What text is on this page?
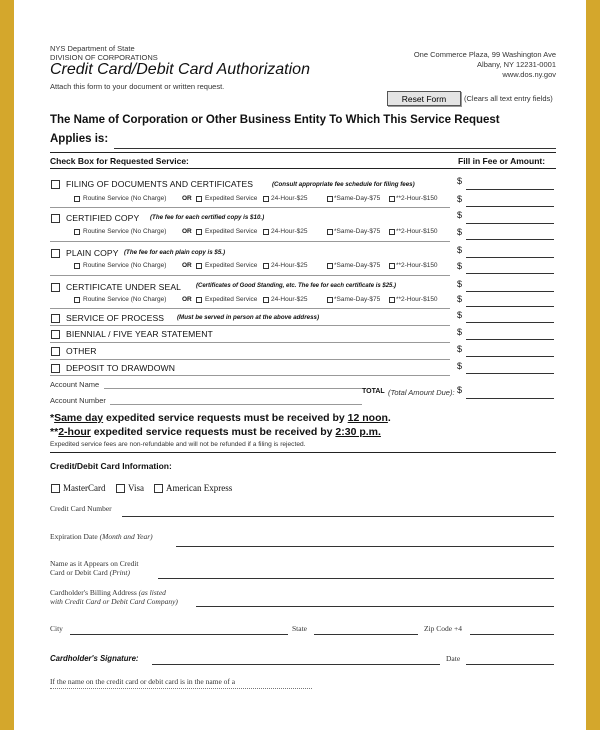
NYS Department of State
DIVISION OF CORPORATIONS
Credit Card/Debit Card Authorization
Attach this form to your document or written request.
One Commerce Plaza, 99 Washington Ave
Albany, NY 12231-0001
www.dos.ny.gov
Reset Form	(Clears all text entry fields)
The Name of Corporation or Other Business Entity To Which This Service Request
Applies is:
Check Box for Requested Service:	Fill in Fee or Amount:
FILING OF DOCUMENTS AND CERTIFICATES	(Consult appropriate fee schedule for filing fees)	$
Routine Service (No Charge) OR Expedited Service 24-Hour-$25	*Same-Day-$75 **2-Hour-$150 $
CERTIFIED COPY (The fee for each certified copy is $10.)	$
Routine Service (No Charge) OR Expedited Service 24-Hour-$25	*Same-Day-$75 **2-Hour-$150 $
PLAIN COPY (The fee for each plain copy is $5.)	$
Routine Service (No Charge) OR Expedited Service 24-Hour-$25	*Same-Day-$75 **2-Hour-$150 $
CERTIFICATE UNDER SEAL (Certificates of Good Standing, etc. The fee for each certificate is $25.)	$
Routine Service (No Charge) OR Expedited Service 24-Hour-$25	*Same-Day-$75 **2-Hour-$150 $
SERVICE OF PROCESS (Must be served in person at the above address)	$
BIENNIAL / FIVE YEAR STATEMENT	$
OTHER	$
DEPOSIT TO DRAWDOWN	$
Account Name
TOTAL (Total Amount Due): $
Account Number
*Same day expedited service requests must be received by 12 noon.
**2-hour expedited service requests must be received by 2:30 p.m.
Expedited service fees are non-refundable and will not be refunded if a filing is rejected.
Credit/Debit Card Information:
MasterCard	Visa American Express
Credit Card Number
Expiration Date (Month and Year)
Name as it Appears on Credit
Card or Debit Card (Print)
Cardholder's Billing Address (as listed
with Credit Card or Debit Card Company)
City	State	Zip Code +4
Cardholder's Signature:	Date
If the name on the credit card or debit card is in the name of a
